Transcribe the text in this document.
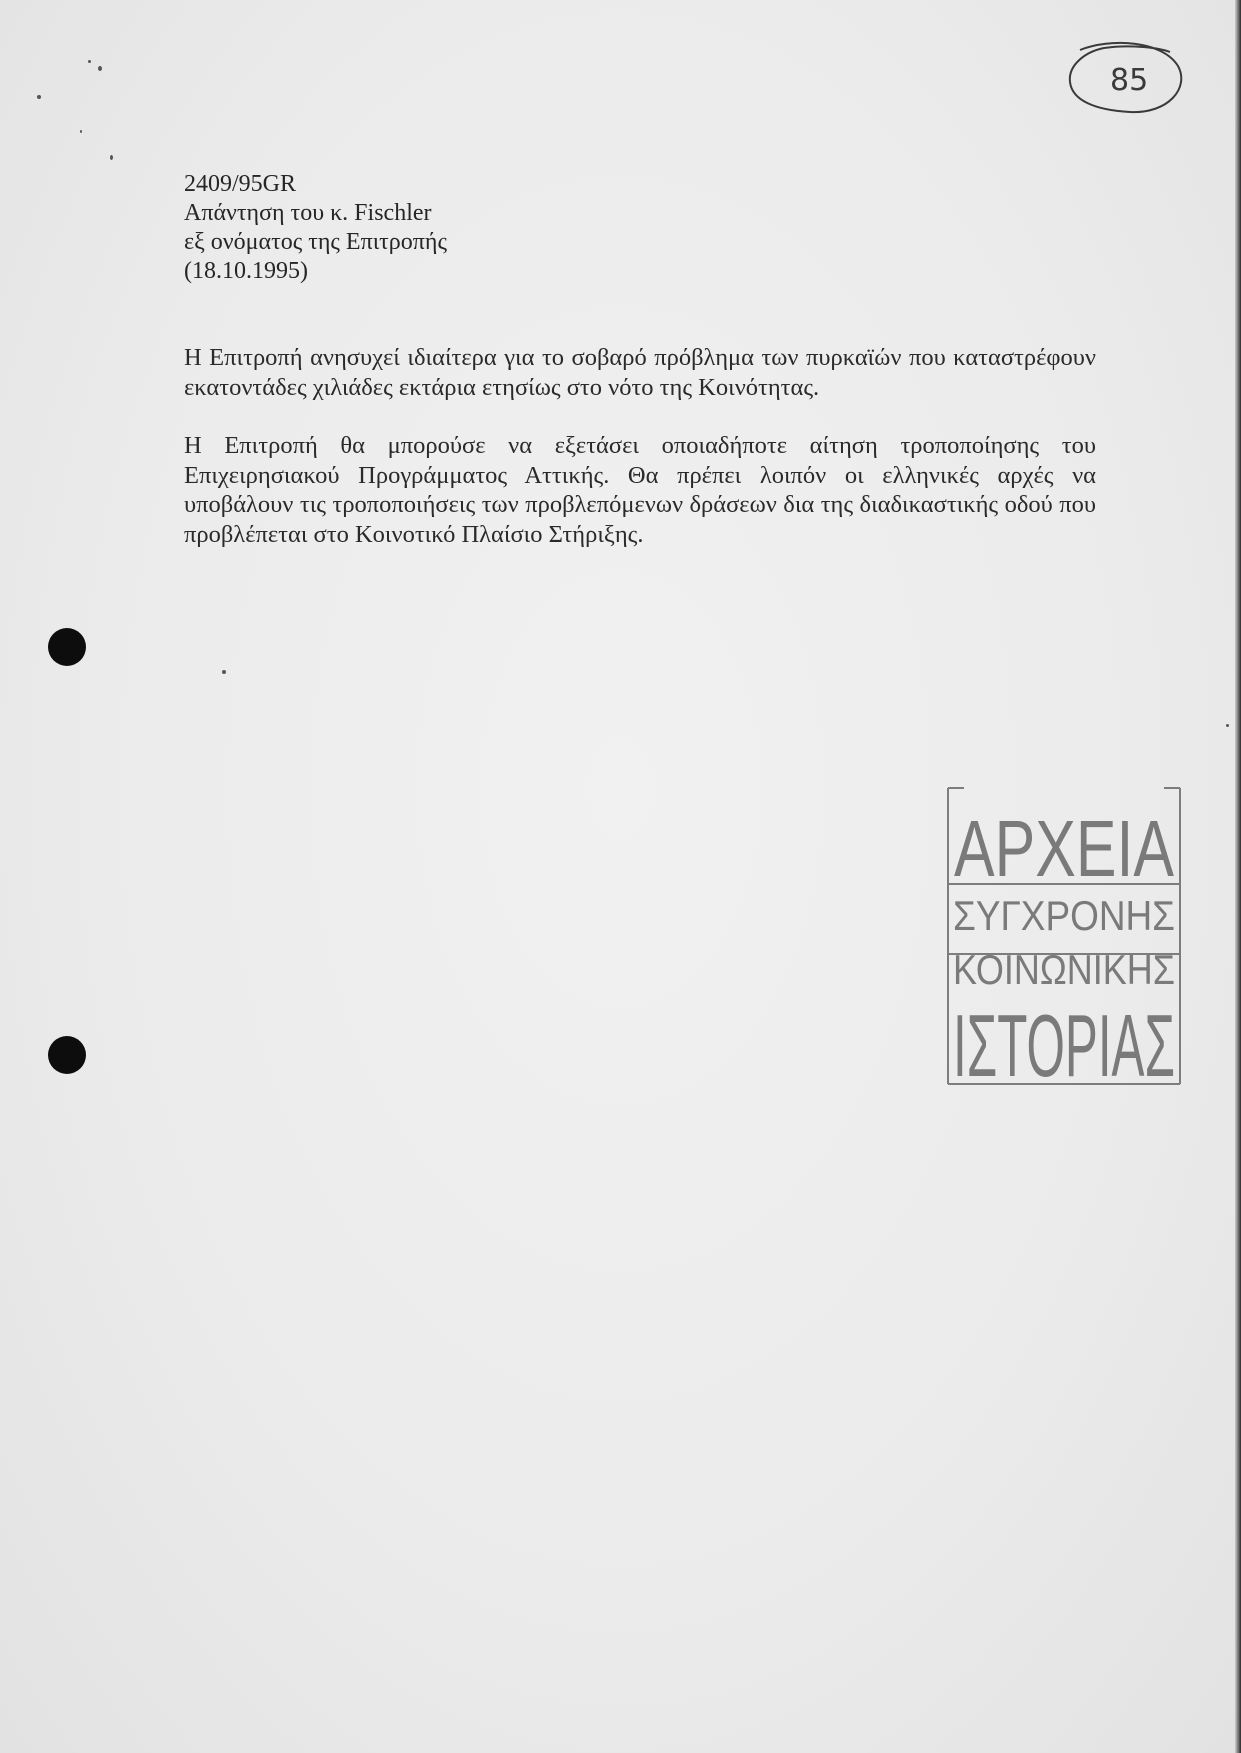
85
2409/95GR
Απάντηση του κ. Fischler
εξ ονόματος της Επιτροπής
(18.10.1995)

Η Επιτροπή ανησυχεί ιδιαίτερα για το σοβαρό πρόβλημα των πυρκαϊών που καταστρέφουν εκατοντάδες χιλιάδες εκτάρια ετησίως στο νότο της Κοινότητας.

Η Επιτροπή θα μπορούσε να εξετάσει οποιαδήποτε αίτηση τροποποίησης του Επιχειρησιακού Προγράμματος Αττικής. Θα πρέπει λοιπόν οι ελληνικές αρχές να υποβάλουν τις τροποποιήσεις των προβλεπόμενων δράσεων δια της διαδικαστικής οδού που προβλέπεται στο Κοινοτικό Πλαίσιο Στήριξης.

ΑΡΧΕΙΑ
ΣΥΓΧΡΟΝΗΣ
ΚΟΙΝΩΝΙΚΗΣ
ΙΣΤΟΡΙΑΣ
